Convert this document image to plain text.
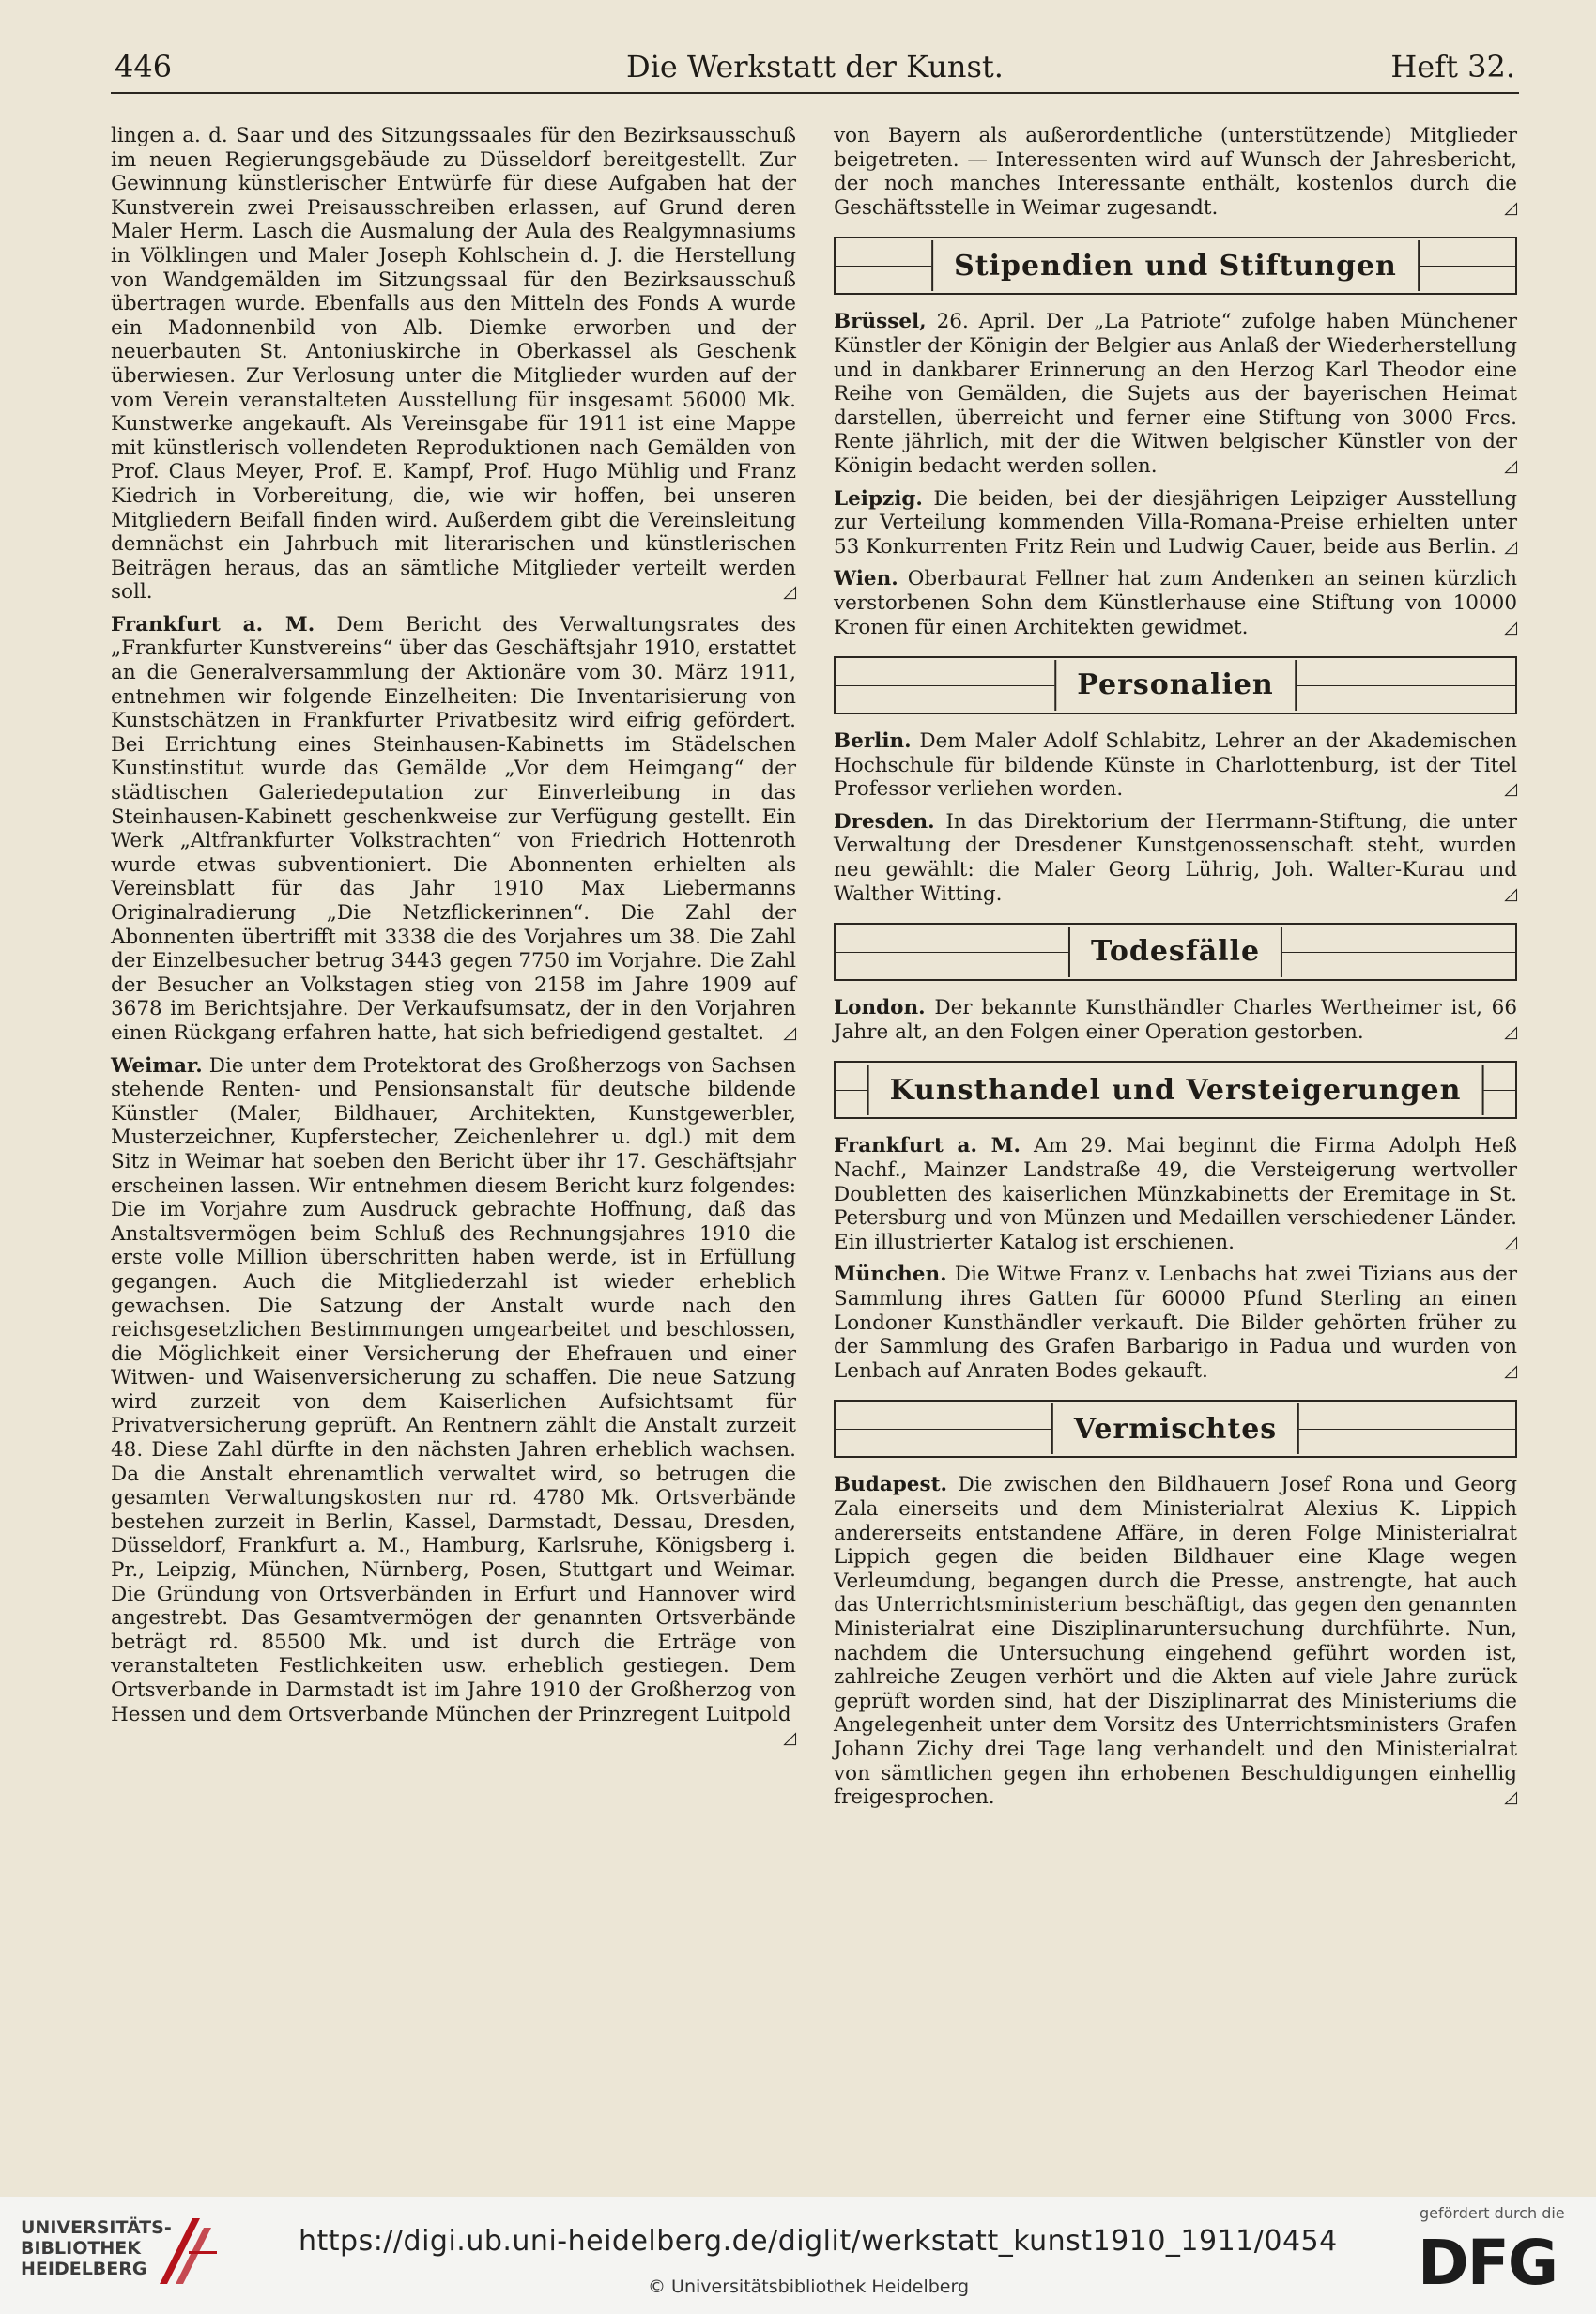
446	Die Werkstatt der Kunst.	Heft 32.

lingen a. d. Saar und des Sitzungssaales für den Bezirksausschuß im neuen Regierungsgebäude zu Düsseldorf bereitgestellt. Zur Gewinnung künstlerischer Entwürfe für diese Aufgaben hat der Kunstverein zwei Preisausschreiben erlassen, auf Grund deren Maler Herm. Lasch die Ausmalung der Aula des Realgymnasiums in Völklingen und Maler Joseph Kohlschein d. J. die Herstellung von Wandgemälden im Sitzungssaal für den Bezirksausschuß übertragen wurde. Ebenfalls aus den Mitteln des Fonds A wurde ein Madonnenbild von Alb. Diemke erworben und der neuerbauten St. Antoniuskirche in Oberkassel als Geschenk überwiesen. Zur Verlosung unter die Mitglieder wurden auf der vom Verein veranstalteten Ausstellung für insgesamt 56000 Mk. Kunstwerke angekauft. Als Vereinsgabe für 1911 ist eine Mappe mit künstlerisch vollendeten Reproduktionen nach Gemälden von Prof. Claus Meyer, Prof. E. Kampf, Prof. Hugo Mühlig und Franz Kiedrich in Vorbereitung, die, wie wir hoffen, bei unseren Mitgliedern Beifall finden wird. Außerdem gibt die Vereinsleitung demnächst ein Jahrbuch mit literarischen und künstlerischen Beiträgen heraus, das an sämtliche Mitglieder verteilt werden soll.	◿

Frankfurt a. M. Dem Bericht des Verwaltungsrates des „Frankfurter Kunstvereins“ über das Geschäftsjahr 1910, erstattet an die Generalversammlung der Aktionäre vom 30. März 1911, entnehmen wir folgende Einzelheiten: Die Inventarisierung von Kunstschätzen in Frankfurter Privatbesitz wird eifrig gefördert. Bei Errichtung eines Steinhausen-Kabinetts im Städelschen Kunstinstitut wurde das Gemälde „Vor dem Heimgang“ der städtischen Galeriedeputation zur Einverleibung in das Steinhausen-Kabinett geschenkweise zur Verfügung gestellt. Ein Werk „Altfrankfurter Volkstrachten“ von Friedrich Hottenroth wurde etwas subventioniert. Die Abonnenten erhielten als Vereinsblatt für das Jahr 1910 Max Liebermanns Originalradierung „Die Netzflickerinnen“. Die Zahl der Abonnenten übertrifft mit 3338 die des Vorjahres um 38. Die Zahl der Einzelbesucher betrug 3443 gegen 7750 im Vorjahre. Die Zahl der Besucher an Volkstagen stieg von 2158 im Jahre 1909 auf 3678 im Berichtsjahre. Der Verkaufsumsatz, der in den Vorjahren einen Rückgang erfahren hatte, hat sich befriedigend gestaltet. ◿

Weimar. Die unter dem Protektorat des Großherzogs von Sachsen stehende Renten- und Pensionsanstalt für deutsche bildende Künstler (Maler, Bildhauer, Architekten, Kunstgewerbler, Musterzeichner, Kupferstecher, Zeichenlehrer u. dgl.) mit dem Sitz in Weimar hat soeben den Bericht über ihr 17. Geschäftsjahr erscheinen lassen. Wir entnehmen diesem Bericht kurz folgendes: Die im Vorjahre zum Ausdruck gebrachte Hoffnung, daß das Anstaltsvermögen beim Schluß des Rechnungsjahres 1910 die erste volle Million überschritten haben werde, ist in Erfüllung gegangen. Auch die Mitgliederzahl ist wieder erheblich gewachsen. Die Satzung der Anstalt wurde nach den reichsgesetzlichen Bestimmungen umgearbeitet und beschlossen, die Möglichkeit einer Versicherung der Ehefrauen und einer Witwen- und Waisenversicherung zu schaffen. Die neue Satzung wird zurzeit von dem Kaiserlichen Aufsichtsamt für Privatversicherung geprüft. An Rentnern zählt die Anstalt zurzeit 48. Diese Zahl dürfte in den nächsten Jahren erheblich wachsen. Da die Anstalt ehrenamtlich verwaltet wird, so betrugen die gesamten Verwaltungskosten nur rd. 4780 Mk. Ortsverbände bestehen zurzeit in Berlin, Kassel, Darmstadt, Dessau, Dresden, Düsseldorf, Frankfurt a. M., Hamburg, Karlsruhe, Königsberg i. Pr., Leipzig, München, Nürnberg, Posen, Stuttgart und Weimar. Die Gründung von Ortsverbänden in Erfurt und Hannover wird angestrebt. Das Gesamtvermögen der genannten Ortsverbände beträgt rd. 85500 Mk. und ist durch die Erträge von veranstalteten Festlichkeiten usw. erheblich gestiegen. Dem Ortsverbande in Darmstadt ist im Jahre 1910 der Großherzog von Hessen und dem Ortsverbande München der Prinzregent Luitpold
◿

von Bayern als außerordentliche (unterstützende) Mitglieder beigetreten. — Interessenten wird auf Wunsch der Jahresbericht, der noch manches Interessante enthält, kostenlos durch die Geschäftsstelle in Weimar zugesandt.	◿

Stipendien und Stiftungen

Brüssel, 26. April. Der „La Patriote“ zufolge haben Münchener Künstler der Königin der Belgier aus Anlaß der Wiederherstellung und in dankbarer Erinnerung an den Herzog Karl Theodor eine Reihe von Gemälden, die Sujets aus der bayerischen Heimat darstellen, überreicht und ferner eine Stiftung von 3000 Frcs. Rente jährlich, mit der die Witwen belgischer Künstler von der Königin bedacht werden sollen.	◿

Leipzig. Die beiden, bei der diesjährigen Leipziger Ausstellung zur Verteilung kommenden Villa-Romana-Preise erhielten unter 53 Konkurrenten Fritz Rein und Ludwig Cauer, beide aus Berlin. ◿

Wien. Oberbaurat Fellner hat zum Andenken an seinen kürzlich verstorbenen Sohn dem Künstlerhause eine Stiftung von 10000 Kronen für einen Architekten gewidmet.	◿

Personalien

Berlin. Dem Maler Adolf Schlabitz, Lehrer an der Akademischen Hochschule für bildende Künste in Charlottenburg, ist der Titel Professor verliehen worden.	◿

Dresden. In das Direktorium der Herrmann-Stiftung, die unter Verwaltung der Dresdener Kunstgenossenschaft steht, wurden neu gewählt: die Maler Georg Lührig, Joh. Walter-Kurau und Walther Witting.	◿

Todesfälle

London. Der bekannte Kunsthändler Charles Wertheimer ist, 66 Jahre alt, an den Folgen einer Operation gestorben.	◿

Kunsthandel und Versteigerungen

Frankfurt a. M. Am 29. Mai beginnt die Firma Adolph Heß Nachf., Mainzer Landstraße 49, die Versteigerung wertvoller Doubletten des kaiserlichen Münzkabinetts der Eremitage in St. Petersburg und von Münzen und Medaillen verschiedener Länder. Ein illustrierter Katalog ist erschienen.	◿

München. Die Witwe Franz v. Lenbachs hat zwei Tizians aus der Sammlung ihres Gatten für 60000 Pfund Sterling an einen Londoner Kunsthändler verkauft. Die Bilder gehörten früher zu der Sammlung des Grafen Barbarigo in Padua und wurden von Lenbach auf Anraten Bodes gekauft.	◿

Vermischtes

Budapest. Die zwischen den Bildhauern Josef Rona und Georg Zala einerseits und dem Ministerialrat Alexius K. Lippich andererseits entstandene Affäre, in deren Folge Ministerialrat Lippich gegen die beiden Bildhauer eine Klage wegen Verleumdung, begangen durch die Presse, anstrengte, hat auch das Unterrichtsministerium beschäftigt, das gegen den genannten Ministerialrat eine Disziplinaruntersuchung durchführte. Nun, nachdem die Untersuchung eingehend geführt worden ist, zahlreiche Zeugen verhört und die Akten auf viele Jahre zurück geprüft worden sind, hat der Disziplinarrat des Ministeriums die Angelegenheit unter dem Vorsitz des Unterrichtsministers Grafen Johann Zichy drei Tage lang verhandelt und den Ministerialrat von sämtlichen gegen ihn erhobenen Beschuldigungen einhellig freigesprochen.	◿

UNIVERSITÄTS-BIBLIOTHEK HEIDELBERG
https://digi.ub.uni-heidelberg.de/diglit/werkstatt_kunst1910_1911/0454
© Universitätsbibliothek Heidelberg
gefördert durch die
DFG
